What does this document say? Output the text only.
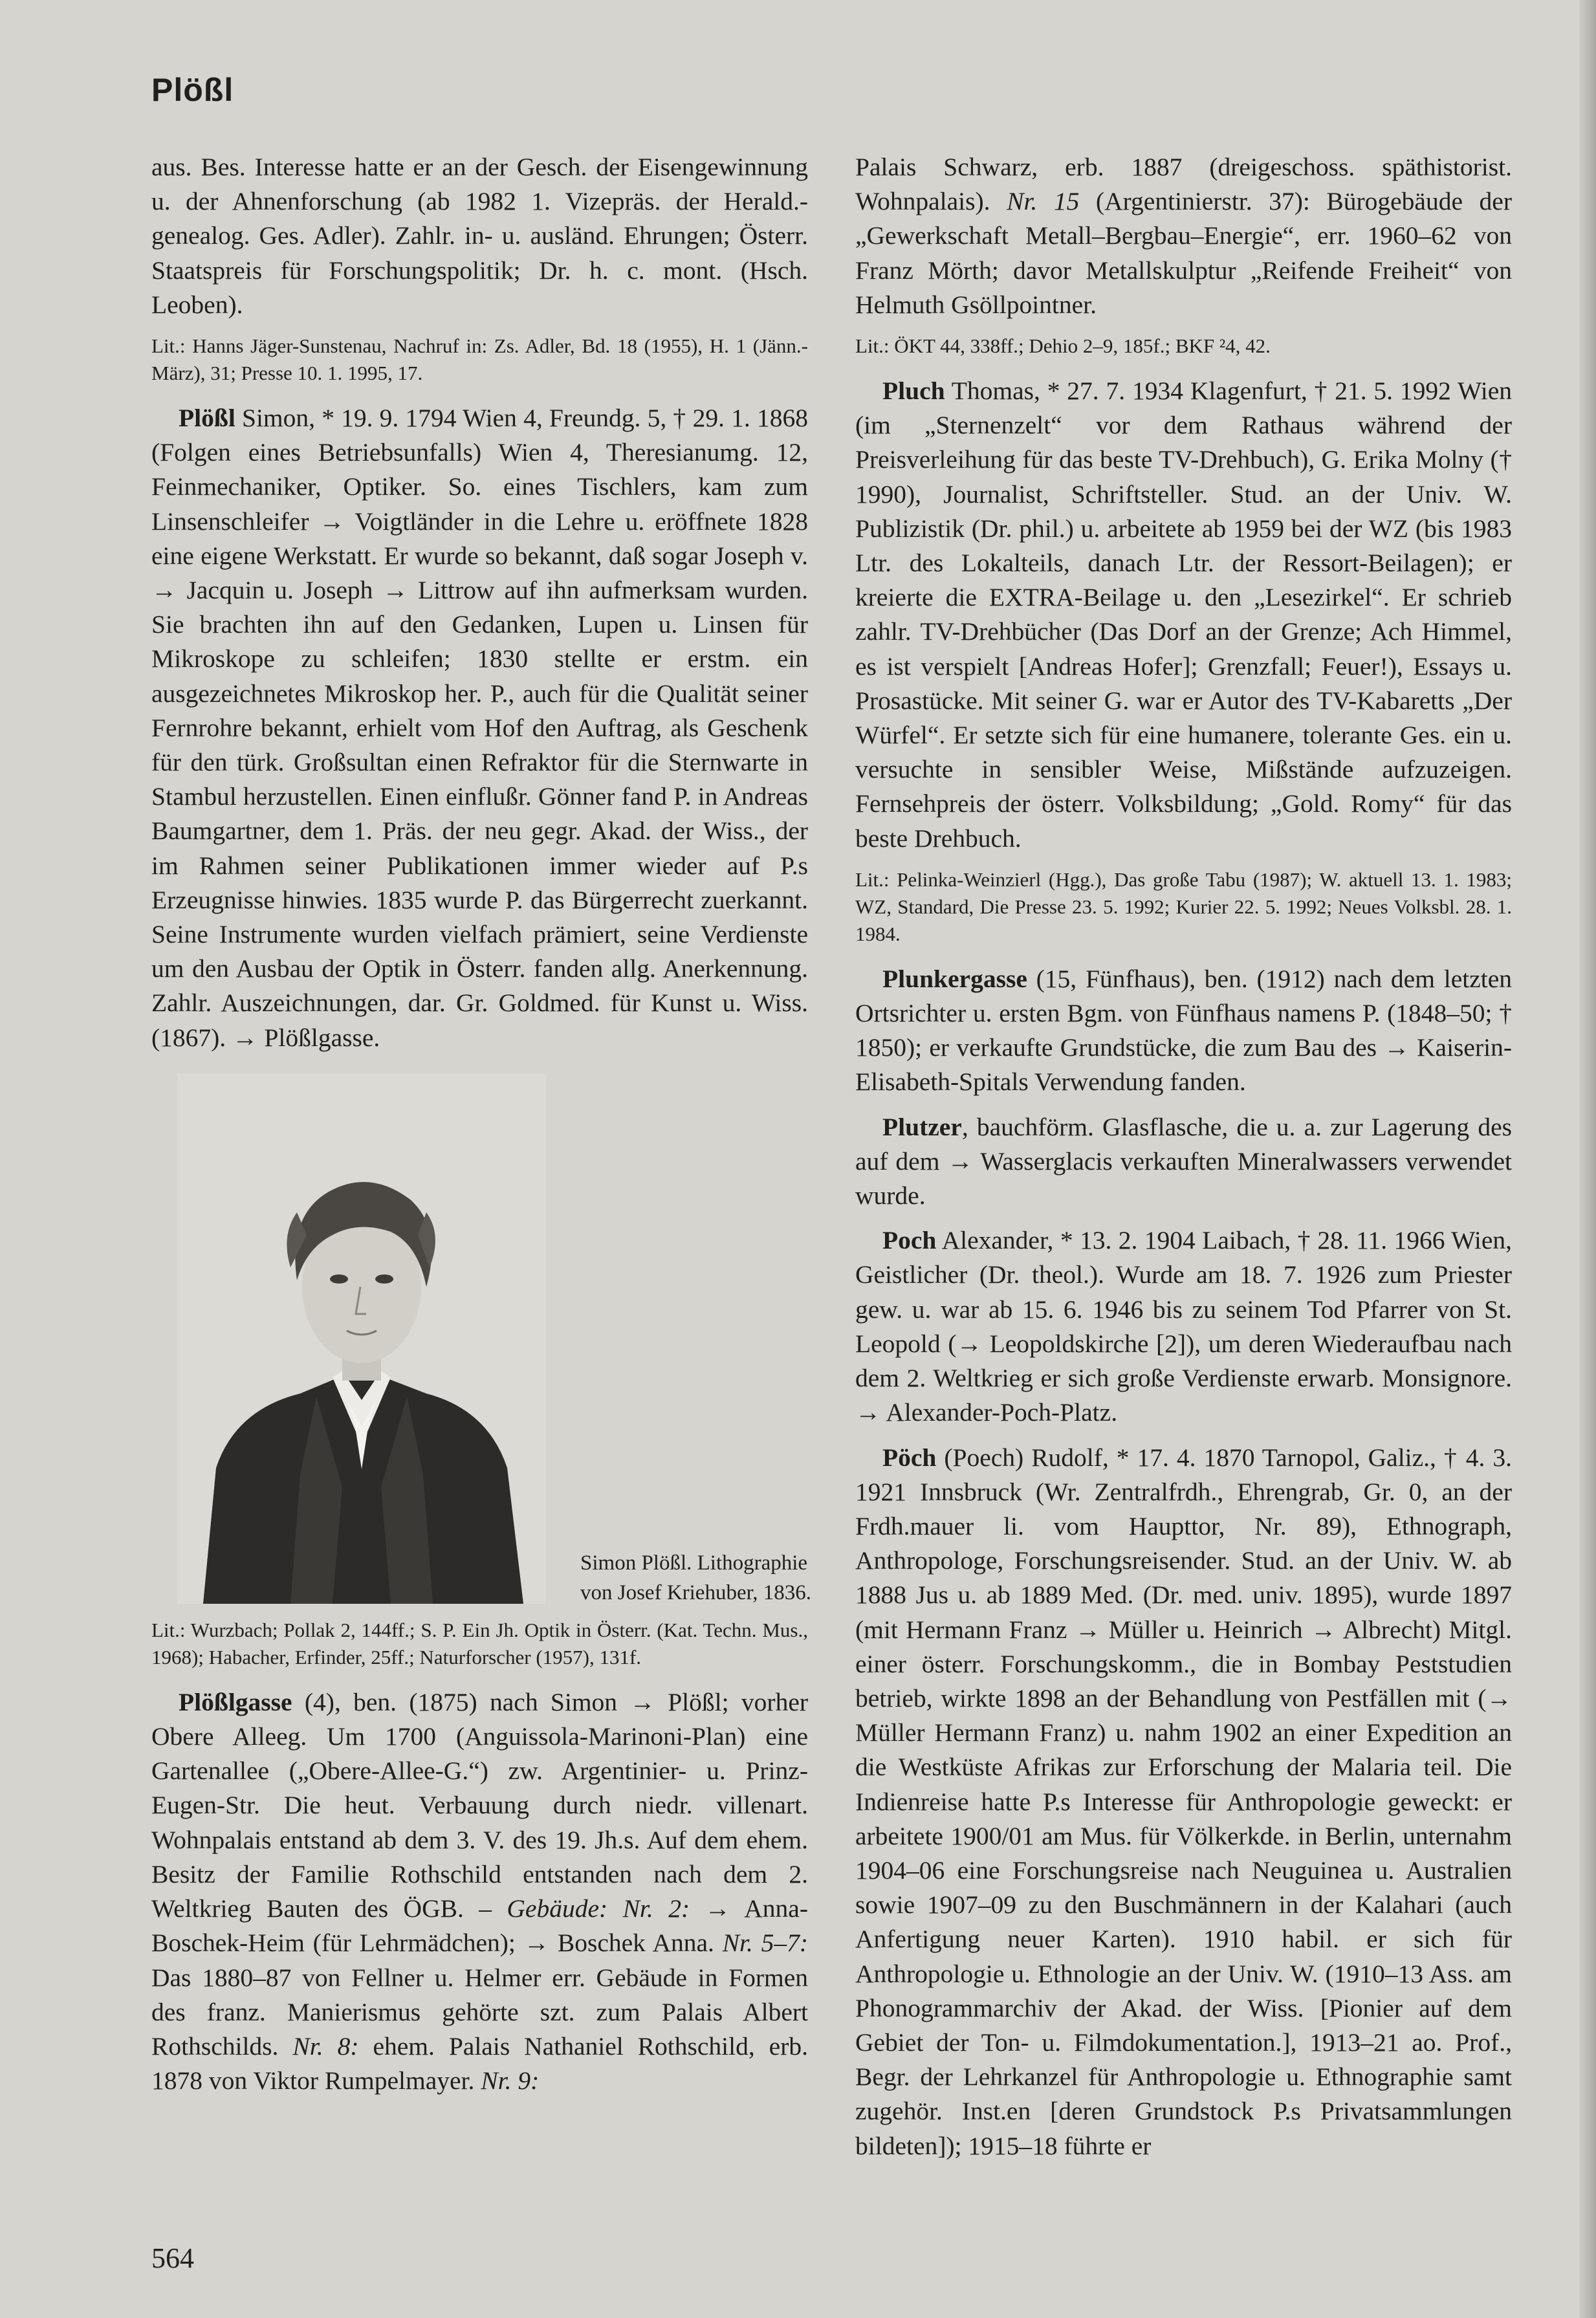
Plößl

aus. Bes. Interesse hatte er an der Gesch. der Eisengewinnung u. der Ahnenforschung (ab 1982 1. Vizepräs. der Herald.-genealog. Ges. Adler). Zahlr. in- u. ausländ. Ehrungen; Österr. Staatspreis für Forschungspolitik; Dr. h. c. mont. (Hsch. Leoben).

Lit.: Hanns Jäger-Sunstenau, Nachruf in: Zs. Adler, Bd. 18 (1955), H. 1 (Jänn.-März), 31; Presse 10. 1. 1995, 17.

Plößl Simon, * 19. 9. 1794 Wien 4, Freundg. 5, † 29. 1. 1868 (Folgen eines Betriebsunfalls) Wien 4, Theresianumg. 12, Feinmechaniker, Optiker. So. eines Tischlers, kam zum Linsenschleifer → Voigtländer in die Lehre u. eröffnete 1828 eine eigene Werkstatt. Er wurde so bekannt, daß sogar Joseph v. → Jacquin u. Joseph → Littrow auf ihn aufmerksam wurden. Sie brachten ihn auf den Gedanken, Lupen u. Linsen für Mikroskope zu schleifen; 1830 stellte er erstm. ein ausgezeichnetes Mikroskop her. P., auch für die Qualität seiner Fernrohre bekannt, erhielt vom Hof den Auftrag, als Geschenk für den türk. Großsultan einen Refraktor für die Sternwarte in Stambul herzustellen. Einen einflußr. Gönner fand P. in Andreas Baumgartner, dem 1. Präs. der neu gegr. Akad. der Wiss., der im Rahmen seiner Publikationen immer wieder auf P.s Erzeugnisse hinwies. 1835 wurde P. das Bürgerrecht zuerkannt. Seine Instrumente wurden vielfach prämiert, seine Verdienste um den Ausbau der Optik in Österr. fanden allg. Anerkennung. Zahlr. Auszeichnungen, dar. Gr. Goldmed. für Kunst u. Wiss. (1867). → Plößlgasse.

Simon Plößl. Lithographie von Josef Kriehuber, 1836.
Lit.: Wurzbach; Pollak 2, 144ff.; S. P. Ein Jh. Optik in Österr. (Kat. Techn. Mus., 1968); Habacher, Erfinder, 25ff.; Naturforscher (1957), 131f.

Plößlgasse (4), ben. (1875) nach Simon → Plößl; vorher Obere Alleeg. Um 1700 (Anguissola-Marinoni-Plan) eine Gartenallee („Obere-Allee-G.“) zw. Argentinier- u. Prinz-Eugen-Str. Die heut. Verbauung durch niedr. villenart. Wohnpalais entstand ab dem 3. V. des 19. Jh.s. Auf dem ehem. Besitz der Familie Rothschild entstanden nach dem 2. Weltkrieg Bauten des ÖGB. – Gebäude: Nr. 2: → Anna-Boschek-Heim (für Lehrmädchen); → Boschek Anna. Nr. 5–7: Das 1880–87 von Fellner u. Helmer err. Gebäude in Formen des franz. Manierismus gehörte szt. zum Palais Albert Rothschilds. Nr. 8: ehem. Palais Nathaniel Rothschild, erb. 1878 von Viktor Rumpelmayer. Nr. 9:

Palais Schwarz, erb. 1887 (dreigeschoss. späthistorist. Wohnpalais). Nr. 15 (Argentinierstr. 37): Bürogebäude der „Gewerkschaft Metall–Bergbau–Energie“, err. 1960–62 von Franz Mörth; davor Metallskulptur „Reifende Freiheit“ von Helmuth Gsöllpointner.

Lit.: ÖKT 44, 338ff.; Dehio 2–9, 185f.; BKF ²4, 42.

Pluch Thomas, * 27. 7. 1934 Klagenfurt, † 21. 5. 1992 Wien (im „Sternenzelt“ vor dem Rathaus während der Preisverleihung für das beste TV-Drehbuch), G. Erika Molny († 1990), Journalist, Schriftsteller. Stud. an der Univ. W. Publizistik (Dr. phil.) u. arbeitete ab 1959 bei der WZ (bis 1983 Ltr. des Lokalteils, danach Ltr. der Ressort-Beilagen); er kreierte die EXTRA-Beilage u. den „Lesezirkel“. Er schrieb zahlr. TV-Drehbücher (Das Dorf an der Grenze; Ach Himmel, es ist verspielt [Andreas Hofer]; Grenzfall; Feuer!), Essays u. Prosastücke. Mit seiner G. war er Autor des TV-Kabaretts „Der Würfel“. Er setzte sich für eine humanere, tolerante Ges. ein u. versuchte in sensibler Weise, Mißstände aufzuzeigen. Fernsehpreis der österr. Volksbildung; „Gold. Romy“ für das beste Drehbuch.

Lit.: Pelinka-Weinzierl (Hgg.), Das große Tabu (1987); W. aktuell 13. 1. 1983; WZ, Standard, Die Presse 23. 5. 1992; Kurier 22. 5. 1992; Neues Volksbl. 28. 1. 1984.

Plunkergasse (15, Fünfhaus), ben. (1912) nach dem letzten Ortsrichter u. ersten Bgm. von Fünfhaus namens P. (1848–50; † 1850); er verkaufte Grundstücke, die zum Bau des → Kaiserin-Elisabeth-Spitals Verwendung fanden.

Plutzer, bauchförm. Glasflasche, die u. a. zur Lagerung des auf dem → Wasserglacis verkauften Mineralwassers verwendet wurde.

Poch Alexander, * 13. 2. 1904 Laibach, † 28. 11. 1966 Wien, Geistlicher (Dr. theol.). Wurde am 18. 7. 1926 zum Priester gew. u. war ab 15. 6. 1946 bis zu seinem Tod Pfarrer von St. Leopold (→ Leopoldskirche [2]), um deren Wiederaufbau nach dem 2. Weltkrieg er sich große Verdienste erwarb. Monsignore. → Alexander-Poch-Platz.

Pöch (Poech) Rudolf, * 17. 4. 1870 Tarnopol, Galiz., † 4. 3. 1921 Innsbruck (Wr. Zentralfrdh., Ehrengrab, Gr. 0, an der Frdh.mauer li. vom Haupttor, Nr. 89), Ethnograph, Anthropologe, Forschungsreisender. Stud. an der Univ. W. ab 1888 Jus u. ab 1889 Med. (Dr. med. univ. 1895), wurde 1897 (mit Hermann Franz → Müller u. Heinrich → Albrecht) Mitgl. einer österr. Forschungskomm., die in Bombay Peststudien betrieb, wirkte 1898 an der Behandlung von Pestfällen mit (→ Müller Hermann Franz) u. nahm 1902 an einer Expedition an die Westküste Afrikas zur Erforschung der Malaria teil. Die Indienreise hatte P.s Interesse für Anthropologie geweckt: er arbeitete 1900/01 am Mus. für Völkerkde. in Berlin, unternahm 1904–06 eine Forschungsreise nach Neuguinea u. Australien sowie 1907–09 zu den Buschmännern in der Kalahari (auch Anfertigung neuer Karten). 1910 habil. er sich für Anthropologie u. Ethnologie an der Univ. W. (1910–13 Ass. am Phonogrammarchiv der Akad. der Wiss. [Pionier auf dem Gebiet der Ton- u. Filmdokumentation.], 1913–21 ao. Prof., Begr. der Lehrkanzel für Anthropologie u. Ethnographie samt zugehör. Inst.en [deren Grundstock P.s Privatsammlungen bildeten]); 1915–18 führte er

564
